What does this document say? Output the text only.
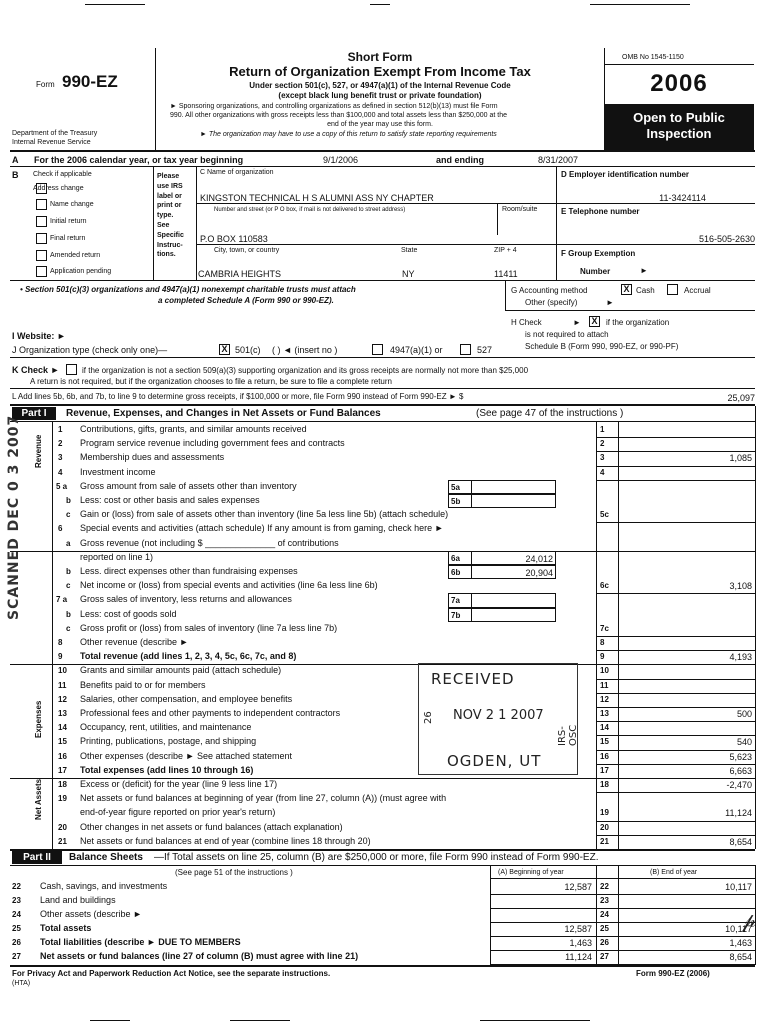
Form 990-EZ
Department of the Treasury
Internal Revenue Service
Short Form
Return of Organization Exempt From Income Tax
Under section 501(c), 527, or 4947(a)(1) of the Internal Revenue Code
(except black lung benefit trust or private foundation)
► Sponsoring organizations, and controlling organizations as defined in section 512(b)(13) must file Form
990. All other organizations with gross receipts less than $100,000 and total assets less than $250,000 at the
end of the year may use this form.
► The organization may have to use a copy of this return to satisfy state reporting requirements
OMB No 1545-1150
2006
Open to Public
Inspection
A For the 2006 calendar year, or tax year beginning	9/1/2006	and ending	8/31/2007
B Check if applicable
Address change
Name change
Initial return
Final return
Amended return
Application pending
Please
use IRS
label or
print or
type.
See
Specific
Instruc-
tions.
C Name of organization
KINGSTON TECHNICAL H S ALUMNI ASS NY CHAPTER
Number and street (or P O box, if mail is not delivered to street address)	Room/suite
P.O BOX 110583
City, town, or country	State	ZIP + 4
CAMBRIA HEIGHTS	NY	11411
D Employer identification number
11-3424114
E Telephone number
516-505-2630
F Group Exemption
Number	►
• Section 501(c)(3) organizations and 4947(a)(1) nonexempt charitable trusts must attach
a completed Schedule A (Form 990 or 990-EZ).
G Accounting method	X Cash	Accrual
Other (specify)	►
H Check	► X	if the organization
is not required to attach
Schedule B (Form 990, 990-EZ, or 990-PF)
I Website: ►
J Organization type (check only one)—	X 501(c) ( ) ◄ (insert no )	4947(a)(1) or	527
K Check ►	if the organization is not a section 509(a)(3) supporting organization and its gross receipts are normally not more than $25,000
A return is not required, but if the organization chooses to file a return, be sure to file a complete return
L Add lines 5b, 6b, and 7b, to line 9 to determine gross receipts, if $100,000 or more, file Form 990 instead of Form 990-EZ ► $	25,097
Part I	Revenue, Expenses, and Changes in Net Assets or Fund Balances	(See page 47 of the instructions )
Revenue
Expenses
Net Assets
1 Contributions, gifts, grants, and similar amounts received	1
2 Program service revenue including government fees and contracts	2
3 Membership dues and assessments	3	1,085
4 Investment income	4
5 a Gross amount from sale of assets other than inventory	5a
b Less: cost or other basis and sales expenses	5b
c Gain or (loss) from sale of assets other than inventory (line 5a less line 5b) (attach schedule)	5c
6 Special events and activities (attach schedule) If any amount is from gaming, check here ►
a Gross revenue (not including $ ______________ of contributions
reported on line 1)	6a	24,012
b Less. direct expenses other than fundraising expenses	6b	20,904
c Net income or (loss) from special events and activities (line 6a less line 6b)	6c	3,108
7 a Gross sales of inventory, less returns and allowances	7a
b Less: cost of goods sold	7b
c Gross profit or (loss) from sales of inventory (line 7a less line 7b)	7c
8 Other revenue (describe ►	8
9 Total revenue (add lines 1, 2, 3, 4, 5c, 6c, 7c, and 8)	9	4,193
10 Grants and similar amounts paid (attach schedule)	10
11 Benefits paid to or for members	11
12 Salaries, other compensation, and employee benefits	12
13 Professional fees and other payments to independent contractors	13	500
14 Occupancy, rent, utilities, and maintenance	14
15 Printing, publications, postage, and shipping	15	540
16 Other expenses (describe ► See attached statement	16	5,623
17 Total expenses (add lines 10 through 16)	17	6,663
18 Excess or (deficit) for the year (line 9 less line 17)	18	-2,470
19 Net assets or fund balances at beginning of year (from line 27, column (A)) (must agree with
end-of-year figure reported on prior year's return)	19	11,124
20 Other changes in net assets or fund balances (attach explanation)	20
21 Net assets or fund balances at end of year (combine lines 18 through 20)	21	8,654
RECEIVED
NOV 2 1 2007
OGDEN, UT
IRS-OSC
26
SCANNED DEC 0 3 2007
Part II	Balance Sheets —If Total assets on line 25, column (B) are $250,000 or more, file Form 990 instead of Form 990-EZ.
(See page 51 of the instructions )	(A) Beginning of year	(B) End of year
22 Cash, savings, and investments	12,587 22	10,117
23 Land and buildings	23
24 Other assets (describe ►	24
25 Total assets	12,587 25	10,117
26 Total liabilities (describe ► DUE TO MEMBERS	1,463 26	1,463
27 Net assets or fund balances (line 27 of column (B) must agree with line 21)	11,124 27	8,654
For Privacy Act and Paperwork Reduction Act Notice, see the separate instructions.
(HTA)
Form 990-EZ (2006)
𝓅
